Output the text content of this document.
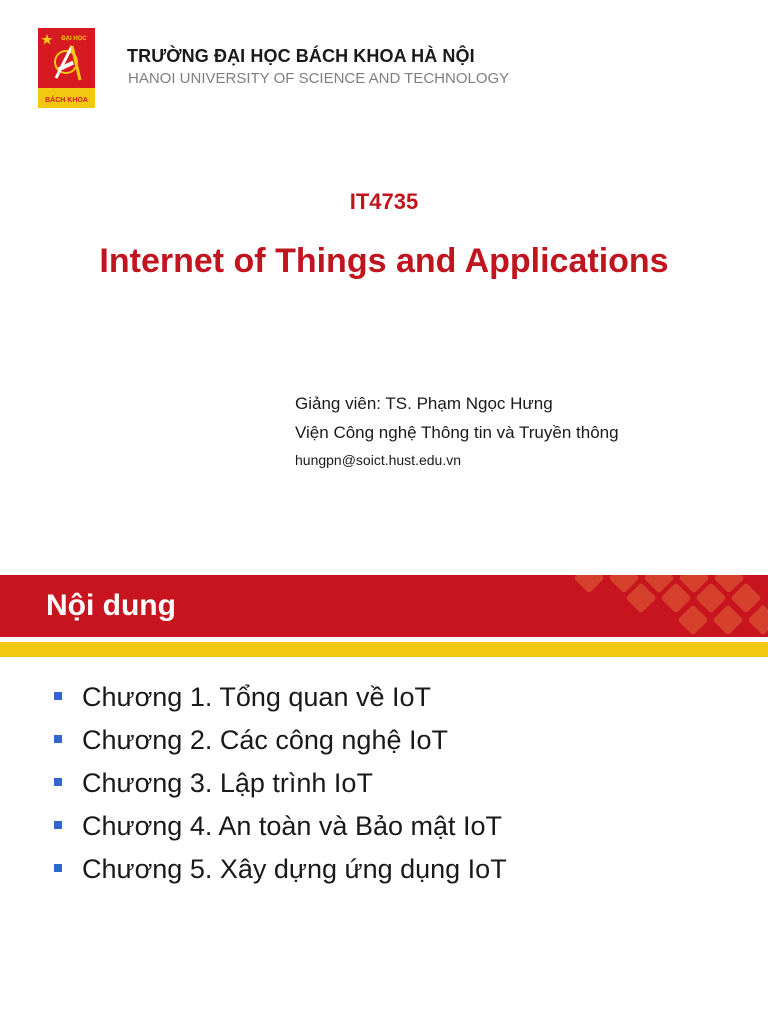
ĐẠI HỌC
BÁCH KHOA
TRƯỜNG ĐẠI HỌC BÁCH KHOA HÀ NỘI
HANOI UNIVERSITY OF SCIENCE AND TECHNOLOGY
IT4735
Internet of Things and Applications
Giảng viên: TS. Phạm Ngọc Hưng
Viện Công nghệ Thông tin và Truyền thông
hungpn@soict.hust.edu.vn
Nội dung
Chương 1. Tổng quan về IoT
Chương 2. Các công nghệ IoT
Chương 3. Lập trình IoT
Chương 4. An toàn và Bảo mật IoT
Chương 5. Xây dựng ứng dụng IoT
